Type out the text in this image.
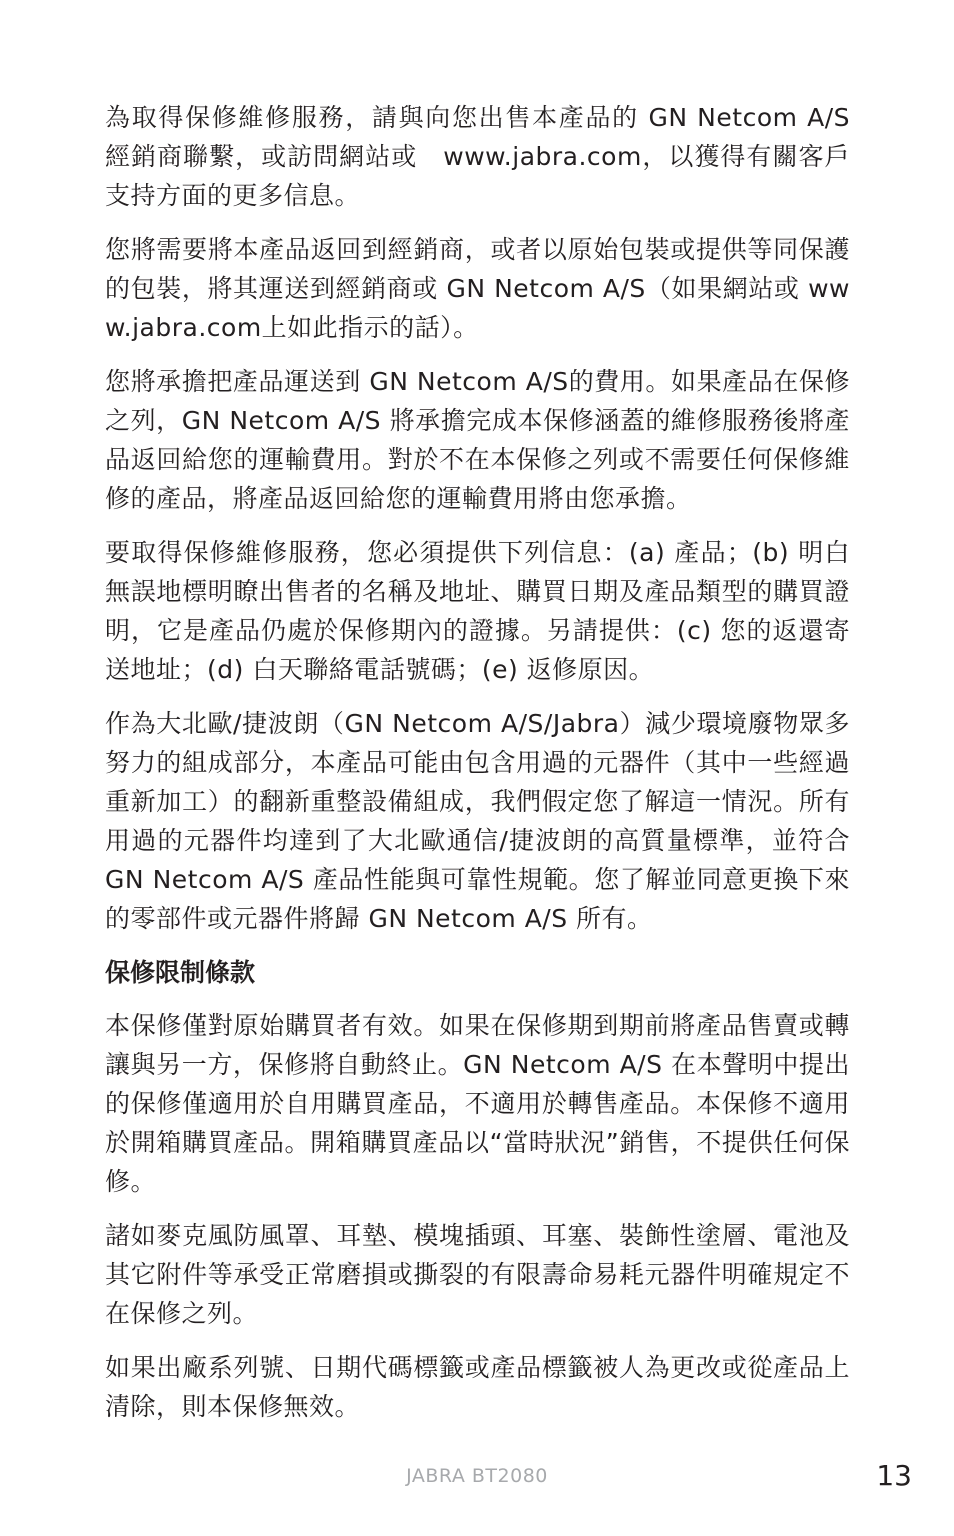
為取得保修維修服務，請與向您出售本產品的 GN Netcom A/S 經銷商聯繫，或訪問網站或　www.jabra.com，以獲得有關客戶支持方面的更多信息。

您將需要將本產品返回到經銷商，或者以原始包裝或提供等同保護的包裝，將其運送到經銷商或 GN Netcom A/S（如果網站或 www.jabra.com上如此指示的話）。

您將承擔把產品運送到 GN Netcom A/S的費用。如果產品在保修之列，GN Netcom A/S 將承擔完成本保修涵蓋的維修服務後將產品返回給您的運輸費用。對於不在本保修之列或不需要任何保修維修的產品，將產品返回給您的運輸費用將由您承擔。

要取得保修維修服務，您必須提供下列信息：(a) 產品；(b) 明白無誤地標明瞭出售者的名稱及地址、購買日期及產品類型的購買證明，它是產品仍處於保修期內的證據。另請提供：(c) 您的返還寄送地址；(d) 白天聯絡電話號碼；(e) 返修原因。

作為大北歐/捷波朗（GN Netcom A/S/Jabra）減少環境廢物眾多努力的組成部分，本產品可能由包含用過的元器件（其中一些經過重新加工）的翻新重整設備組成，我們假定您了解這一情況。所有用過的元器件均達到了大北歐通信/捷波朗的高質量標準，並符合 GN Netcom A/S 產品性能與可靠性規範。您了解並同意更換下來的零部件或元器件將歸 GN Netcom A/S 所有。

保修限制條款

本保修僅對原始購買者有效。如果在保修期到期前將產品售賣或轉讓與另一方，保修將自動終止。GN Netcom A/S 在本聲明中提出的保修僅適用於自用購買產品，不適用於轉售產品。本保修不適用於開箱購買產品。開箱購買產品以“當時狀況”銷售，不提供任何保修。

諸如麥克風防風罩、耳墊、模塊插頭、耳塞、裝飾性塗層、電池及其它附件等承受正常磨損或撕裂的有限壽命易耗元器件明確規定不在保修之列。

如果出廠系列號、日期代碼標籤或產品標籤被人為更改或從產品上清除，則本保修無效。

JABRA BT2080	13
